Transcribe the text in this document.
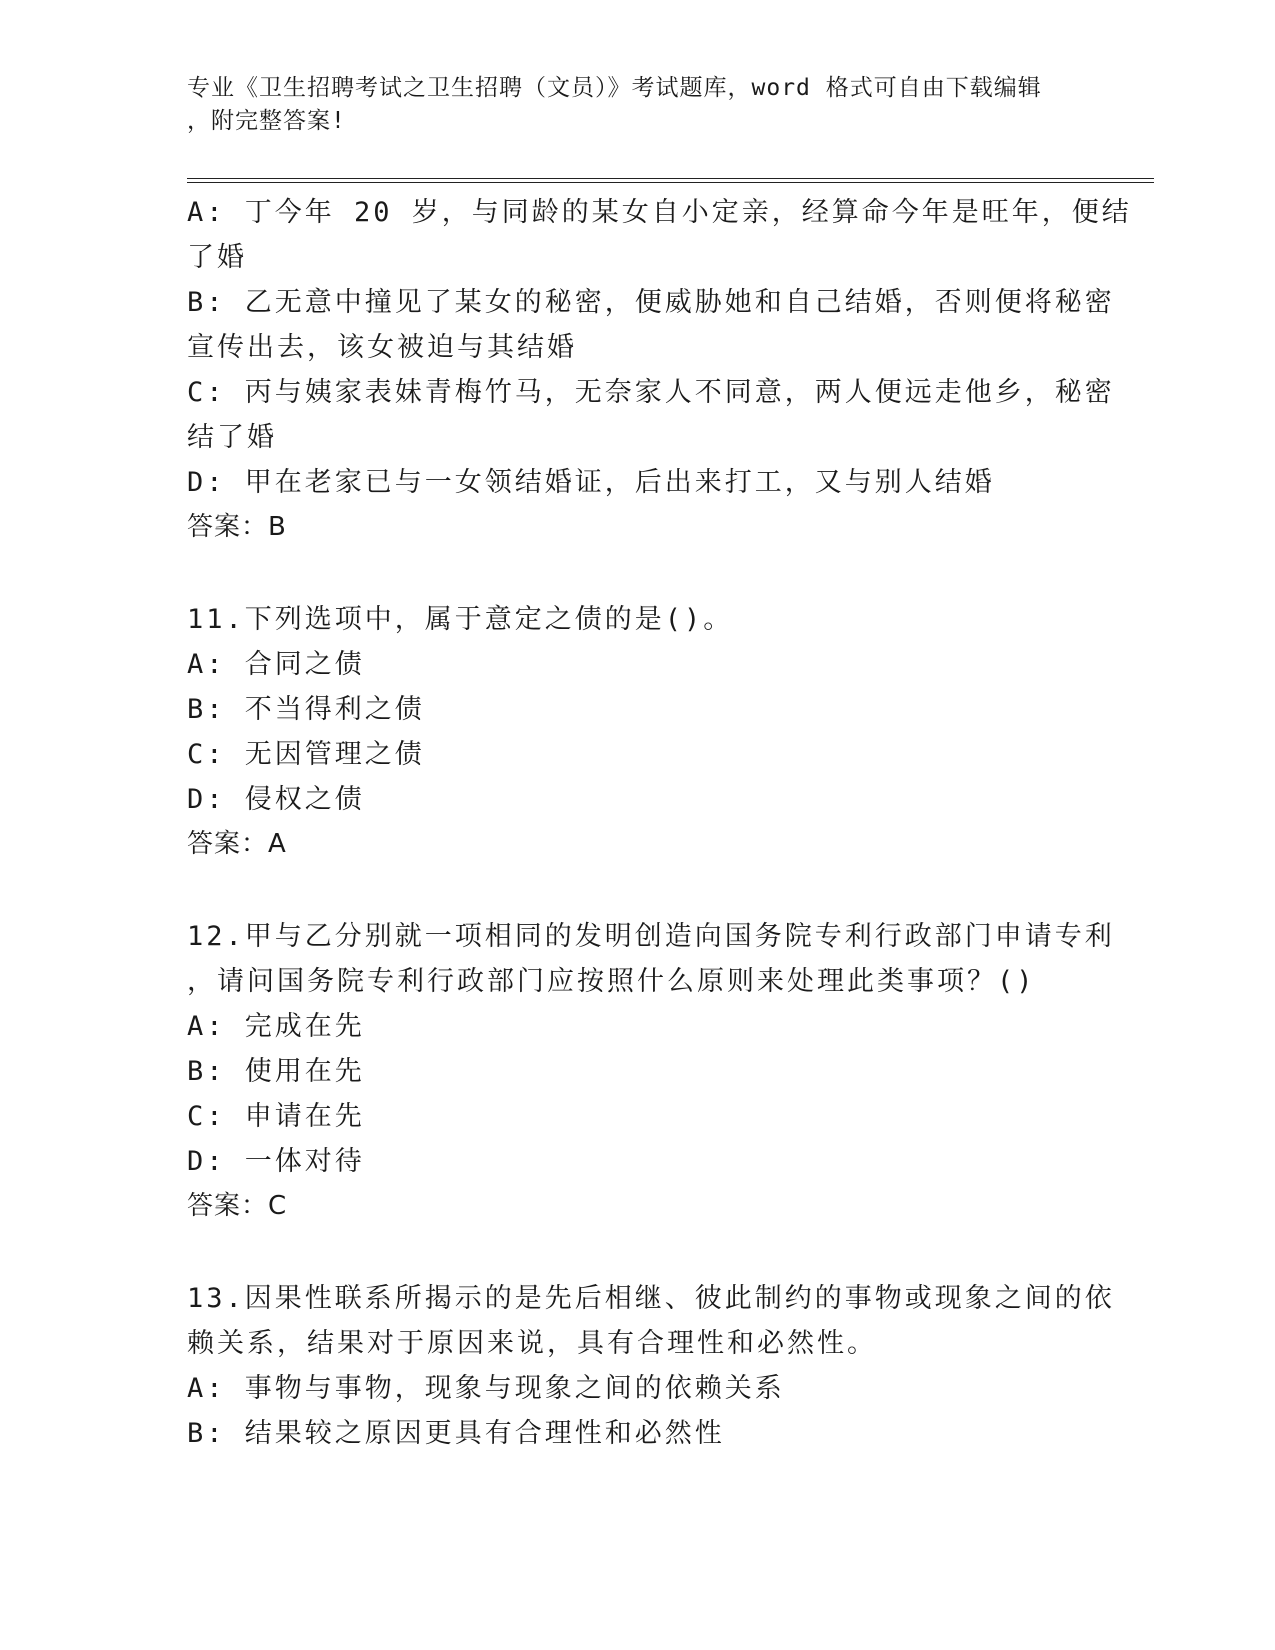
专业《卫生招聘考试之卫生招聘（文员）》考试题库，word 格式可自由下载编辑
，附完整答案!
A: 丁今年 20 岁，与同龄的某女自小定亲，经算命今年是旺年，便结
了婚
B: 乙无意中撞见了某女的秘密，便威胁她和自己结婚，否则便将秘密
宣传出去，该女被迫与其结婚
C: 丙与姨家表妹青梅竹马，无奈家人不同意，两人便远走他乡，秘密
结了婚
D: 甲在老家已与一女领结婚证，后出来打工，又与别人结婚
答案：B
11.下列选项中，属于意定之债的是()。
A: 合同之债
B: 不当得利之债
C: 无因管理之债
D: 侵权之债
答案：A
12.甲与乙分别就一项相同的发明创造向国务院专利行政部门申请专利
，请问国务院专利行政部门应按照什么原则来处理此类事项？()
A: 完成在先
B: 使用在先
C: 申请在先
D: 一体对待
答案：C
13.因果性联系所揭示的是先后相继、彼此制约的事物或现象之间的依
赖关系，结果对于原因来说，具有合理性和必然性。
A: 事物与事物，现象与现象之间的依赖关系
B: 结果较之原因更具有合理性和必然性
